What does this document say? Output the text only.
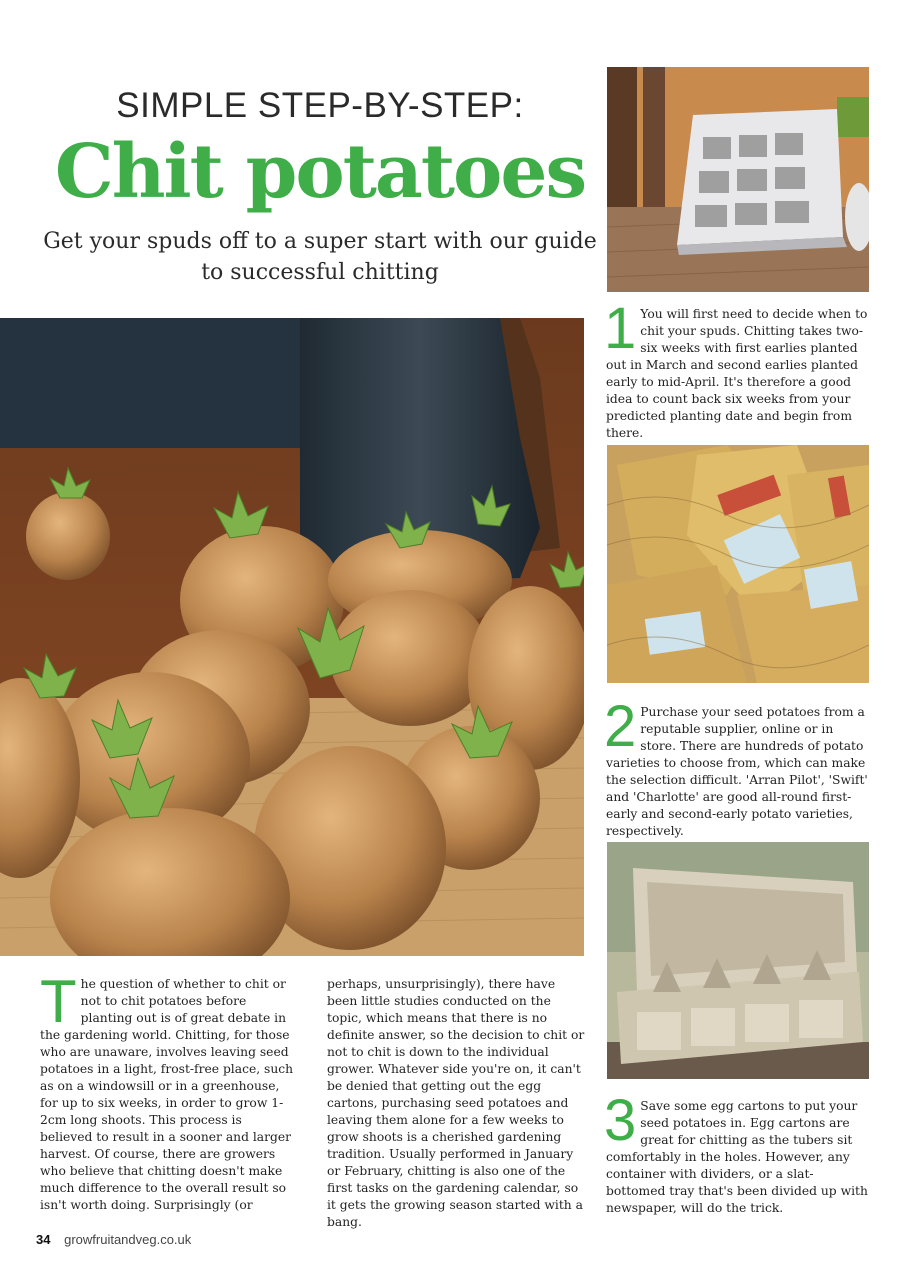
SIMPLE STEP-BY-STEP:
Chit potatoes

Get your spuds off to a super start with our guide to successful chitting

1 You will first need to decide when to chit your spuds. Chitting takes two-six weeks with first earlies planted out in March and second earlies planted early to mid-April. It's therefore a good idea to count back six weeks from your predicted planting date and begin from there.
2 Purchase your seed potatoes from a reputable supplier, online or in store. There are hundreds of potato varieties to choose from, which can make the selection difficult. 'Arran Pilot', 'Swift' and 'Charlotte' are good all-round first-early and second-early potato varieties, respectively.
3 Save some egg cartons to put your seed potatoes in. Egg cartons are great for chitting as the tubers sit comfortably in the holes. However, any container with dividers, or a slat-bottomed tray that's been divided up with newspaper, will do the trick.
T he question of whether to chit or not to chit potatoes before planting out is of great debate in the gardening world. Chitting, for those who are unaware, involves leaving seed potatoes in a light, frost-free place, such as on a windowsill or in a greenhouse, for up to six weeks, in order to grow 1-2cm long shoots. This process is believed to result in a sooner and larger harvest. Of course, there are growers who believe that chitting doesn't make much difference to the overall result so isn't worth doing. Surprisingly (or
perhaps, unsurprisingly), there have been little studies conducted on the topic, which means that there is no definite answer, so the decision to chit or not to chit is down to the individual grower. Whatever side you're on, it can't be denied that getting out the egg cartons, purchasing seed potatoes and leaving them alone for a few weeks to grow shoots is a cherished gardening tradition. Usually performed in January or February, chitting is also one of the first tasks on the gardening calendar, so it gets the growing season started with a bang.
34 growfruitandveg.co.uk
